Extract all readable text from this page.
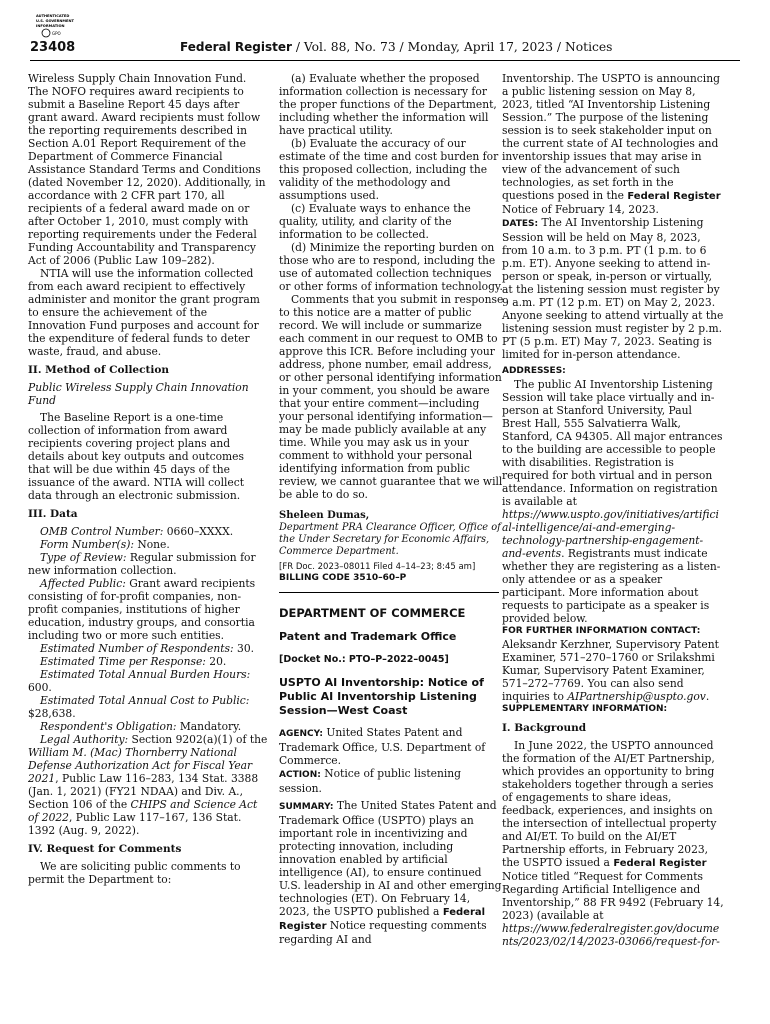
AUTHENTICATED
U.S. GOVERNMENT
INFORMATION
GPO
23408	Federal Register / Vol. 88, No. 73 / Monday, April 17, 2023 / Notices

Wireless Supply Chain Innovation Fund. The NOFO requires award recipients to submit a Baseline Report 45 days after grant award. Award recipients must follow the reporting requirements described in Section A.01 Report Requirement of the Department of Commerce Financial Assistance Standard Terms and Conditions (dated November 12, 2020). Additionally, in accordance with 2 CFR part 170, all recipients of a federal award made on or after October 1, 2010, must comply with reporting requirements under the Federal Funding Accountability and Transparency Act of 2006 (Public Law 109–282).

NTIA will use the information collected from each award recipient to effectively administer and monitor the grant program to ensure the achievement of the Innovation Fund purposes and account for the expenditure of federal funds to deter waste, fraud, and abuse.

II. Method of Collection

Public Wireless Supply Chain Innovation Fund

The Baseline Report is a one-time collection of information from award recipients covering project plans and details about key outputs and outcomes that will be due within 45 days of the issuance of the award. NTIA will collect data through an electronic submission.

III. Data

OMB Control Number: 0660–XXXX.

Form Number(s): None.

Type of Review: Regular submission for new information collection.

Affected Public: Grant award recipients consisting of for-profit companies, non-profit companies, institutions of higher education, industry groups, and consortia including two or more such entities.

Estimated Number of Respondents: 30.

Estimated Time per Response: 20.

Estimated Total Annual Burden Hours: 600.

Estimated Total Annual Cost to Public: $28,638.

Respondent's Obligation: Mandatory.

Legal Authority: Section 9202(a)(1) of the William M. (Mac) Thornberry National Defense Authorization Act for Fiscal Year 2021, Public Law 116–283, 134 Stat. 3388 (Jan. 1, 2021) (FY21 NDAA) and Div. A., Section 106 of the CHIPS and Science Act of 2022, Public Law 117–167, 136 Stat. 1392 (Aug. 9, 2022).

IV. Request for Comments

We are soliciting public comments to permit the Department to:

(a) Evaluate whether the proposed information collection is necessary for the proper functions of the Department, including whether the information will have practical utility.

(b) Evaluate the accuracy of our estimate of the time and cost burden for this proposed collection, including the validity of the methodology and assumptions used.

(c) Evaluate ways to enhance the quality, utility, and clarity of the information to be collected.

(d) Minimize the reporting burden on those who are to respond, including the use of automated collection techniques or other forms of information technology.

Comments that you submit in response to this notice are a matter of public record. We will include or summarize each comment in our request to OMB to approve this ICR. Before including your address, phone number, email address, or other personal identifying information in your comment, you should be aware that your entire comment—including your personal identifying information—may be made publicly available at any time. While you may ask us in your comment to withhold your personal identifying information from public review, we cannot guarantee that we will be able to do so.

Sheleen Dumas,

Department PRA Clearance Officer, Office of the Under Secretary for Economic Affairs, Commerce Department.

[FR Doc. 2023–08011 Filed 4–14–23; 8:45 am]

BILLING CODE 3510–60–P

DEPARTMENT OF COMMERCE

Patent and Trademark Office

[Docket No.: PTO–P–2022–0045]

USPTO AI Inventorship: Notice of Public AI Inventorship Listening Session—West Coast

AGENCY: United States Patent and Trademark Office, U.S. Department of Commerce.

ACTION: Notice of public listening session.

SUMMARY: The United States Patent and Trademark Office (USPTO) plays an important role in incentivizing and protecting innovation, including innovation enabled by artificial intelligence (AI), to ensure continued U.S. leadership in AI and other emerging technologies (ET). On February 14, 2023, the USPTO published a Federal Register Notice requesting comments regarding AI and

Inventorship. The USPTO is announcing a public listening session on May 8, 2023, titled “AI Inventorship Listening Session.” The purpose of the listening session is to seek stakeholder input on the current state of AI technologies and inventorship issues that may arise in view of the advancement of such technologies, as set forth in the questions posed in the Federal Register Notice of February 14, 2023.

DATES: The AI Inventorship Listening Session will be held on May 8, 2023, from 10 a.m. to 3 p.m. PT (1 p.m. to 6 p.m. ET). Anyone seeking to attend in-person or speak, in-person or virtually, at the listening session must register by 9 a.m. PT (12 p.m. ET) on May 2, 2023. Anyone seeking to attend virtually at the listening session must register by 2 p.m. PT (5 p.m. ET) May 7, 2023. Seating is limited for in-person attendance.

ADDRESSES:

The public AI Inventorship Listening Session will take place virtually and in-person at Stanford University, Paul Brest Hall, 555 Salvatierra Walk, Stanford, CA 94305. All major entrances to the building are accessible to people with disabilities. Registration is required for both virtual and in person attendance. Information on registration is available at https://www.uspto.gov/initiatives/artificial-intelligence/ai-and-emerging-technology-partnership-engagement-and-events. Registrants must indicate whether they are registering as a listen-only attendee or as a speaker participant. More information about requests to participate as a speaker is provided below.

FOR FURTHER INFORMATION CONTACT:

Aleksandr Kerzhner, Supervisory Patent Examiner, 571–270–1760 or Srilakshmi Kumar, Supervisory Patent Examiner, 571–272–7769. You can also send inquiries to AIPartnership@uspto.gov.

SUPPLEMENTARY INFORMATION:

I. Background

In June 2022, the USPTO announced the formation of the AI/ET Partnership, which provides an opportunity to bring stakeholders together through a series of engagements to share ideas, feedback, experiences, and insights on the intersection of intellectual property and AI/ET. To build on the AI/ET Partnership efforts, in February 2023, the USPTO issued a Federal Register Notice titled “Request for Comments Regarding Artificial Intelligence and Inventorship,” 88 FR 9492 (February 14, 2023) (available at https://www.federalregister.gov/documents/2023/02/14/2023-03066/request-for-
